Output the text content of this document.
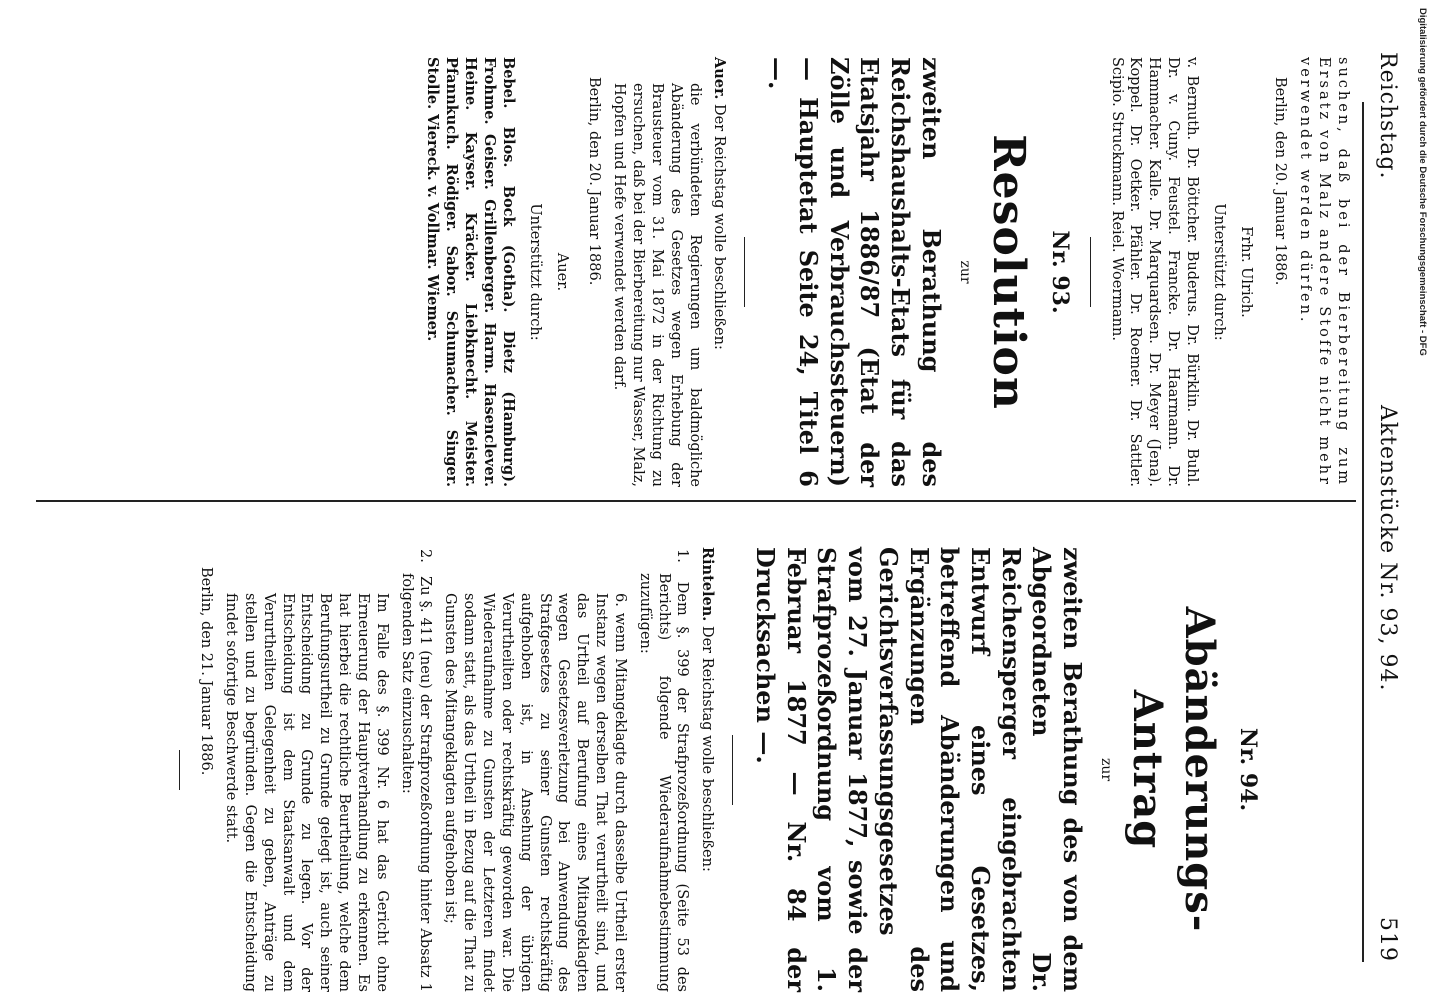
Digitalisierung gefördert durch die Deutsche Forschungsgemeinschaft - DFG
Reichstag.
Aktenstücke Nr. 93, 94.
519

suchen, daß bei der Bierbereitung zum Ersatz von Malz andere Stoffe nicht mehr verwendet werden dürfen.

Berlin, den 20. Januar 1886.

Frhr. Ulrich.

Unterstützt durch:

v. Bernuth. Dr. Böttcher. Buderus. Dr. Bürklin. Dr. Buhl. Dr. v. Cuny. Feustel. Francke. Dr. Haarmann. Dr. Hammacher. Kalle. Dr. Marquardsen. Dr. Meyer (Jena). Koppel. Dr. Oetker. Pfähler. Dr. Roemer. Dr. Sattler. Scipio. Struckmann. Reiel. Woermann.

Nr. 93.
Resolution
zur

zweiten Berathung des Reichshaushalts-Etats für das Etatsjahr 1886/87 (Etat der Zölle und Verbrauchssteuern) — Hauptetat Seite 24, Titel 6 —.

Auer. Der Reichstag wolle beschließen:

die verbündeten Regierungen um baldmögliche Abänderung des Gesetzes wegen Erhebung der Brausteuer vom 31. Mai 1872 in der Richtung zu ersuchen, daß bei der Bierbereitung nur Wasser, Malz, Hopfen und Hefe verwendet werden darf.

Berlin, den 20. Januar 1886.

Auer.

Unterstützt durch:

Bebel. Blos. Bock (Gotha). Dietz (Hamburg). Frohme. Geiser. Grillenberger. Harm. Hasenclever. Heine. Kayser. Kräcker. Liebknecht. Meister. Pfannkuch. Rödiger. Sabor. Schumacher. Singer. Stolle. Viereck. v. Vollmar. Wiemer.

Nr. 94.
Abänderungs-Antrag
zur

zweiten Berathung des von dem Abgeordneten Dr. Reichensperger eingebrachten Entwurf eines Gesetzes, betreffend Abänderungen und Ergänzungen des Gerichtsverfassungsgesetzes vom 27. Januar 1877, sowie der Strafprozeßordnung vom 1. Februar 1877 — Nr. 84 der Drucksachen —.

Rintelen. Der Reichstag wolle beschließen:

1. Dem §. 399 der Strafprozeßordnung (Seite 53 des Berichts) folgende Wiederaufnahmebestimmung zuzufügen:

6. wenn Mitangeklagte durch dasselbe Urtheil erster Instanz wegen derselben That verurtheilt sind, und das Urtheil auf Berufung eines Mitangeklagten wegen Gesetzesverletzung bei Anwendung des Strafgesetzes zu seiner Gunsten rechtskräftig aufgehoben ist, in Ansehung der übrigen Verurtheilten oder rechtskräftig geworden war. Die Wiederaufnahme zu Gunsten der Letzteren findet sodann statt, als das Urtheil in Bezug auf die That zu Gunsten des Mitangeklagten aufgehoben ist;

2. Zu §. 411 (neu) der Strafprozeßordnung hinter Absatz 1 folgenden Satz einzuschalten:

Im Falle des §. 399 Nr. 6 hat das Gericht ohne Erneuerung der Hauptverhandlung zu erkennen. Es hat hierbei die rechtliche Beurtheilung, welche dem Berufungsurtheil zu Grunde gelegt ist, auch seiner Entscheidung zu Grunde zu legen. Vor der Entscheidung ist dem Staatsanwalt und dem Verurtheilten Gelegenheit zu geben, Anträge zu stellen und zu begründen. Gegen die Entscheidung findet sofortige Beschwerde statt.

Berlin, den 21. Januar 1886.
